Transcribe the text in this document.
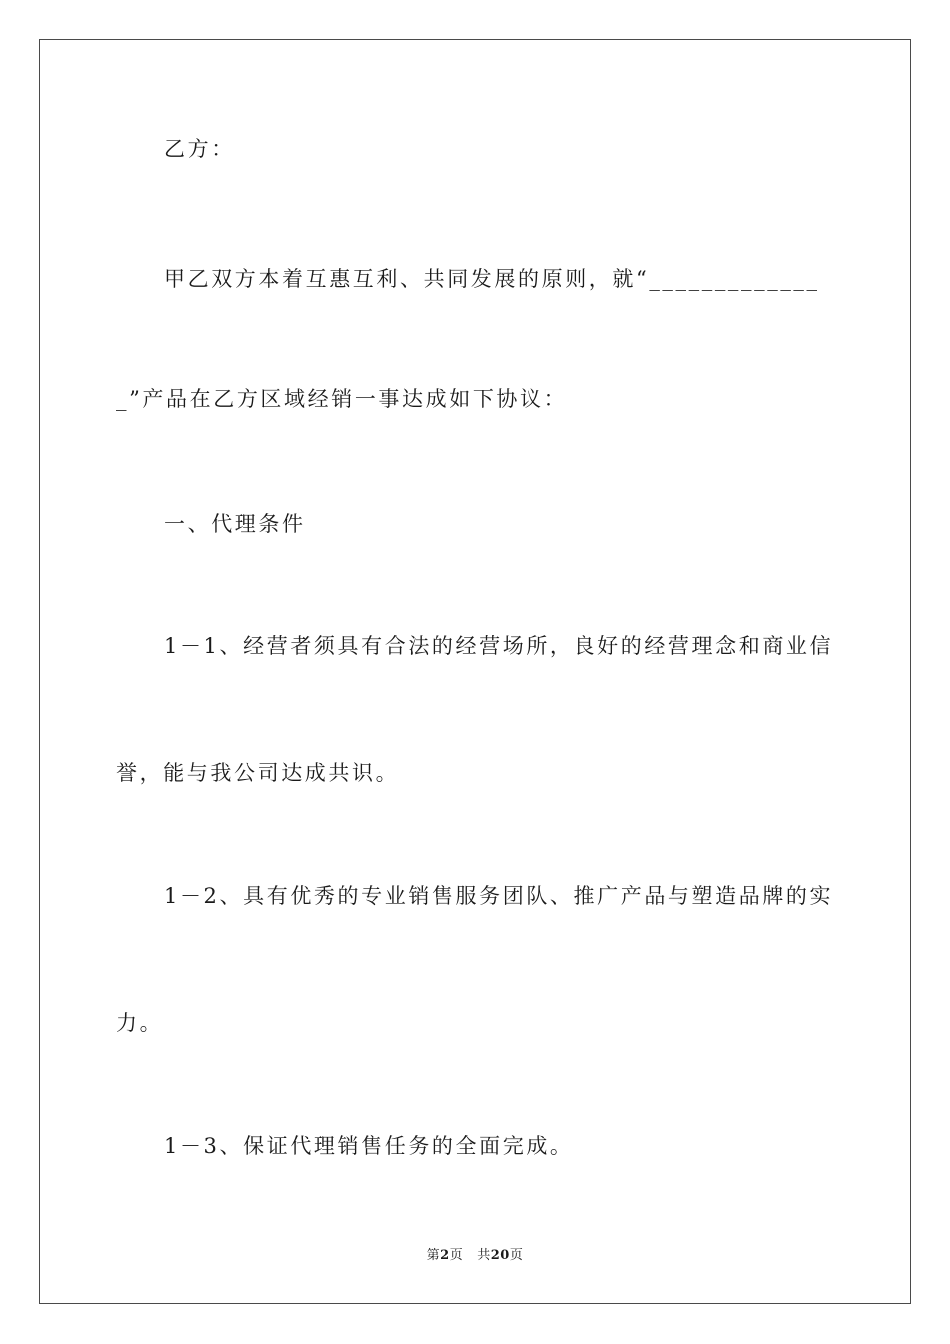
乙方：

甲乙双方本着互惠互利、共同发展的原则，就“_____________

_”产品在乙方区域经销一事达成如下协议：

一、代理条件

1－1、经营者须具有合法的经营场所，良好的经营理念和商业信

誉，能与我公司达成共识。

1－2、具有优秀的专业销售服务团队、推广产品与塑造品牌的实

力。

1－3、保证代理销售任务的全面完成。

第2页 共20页
